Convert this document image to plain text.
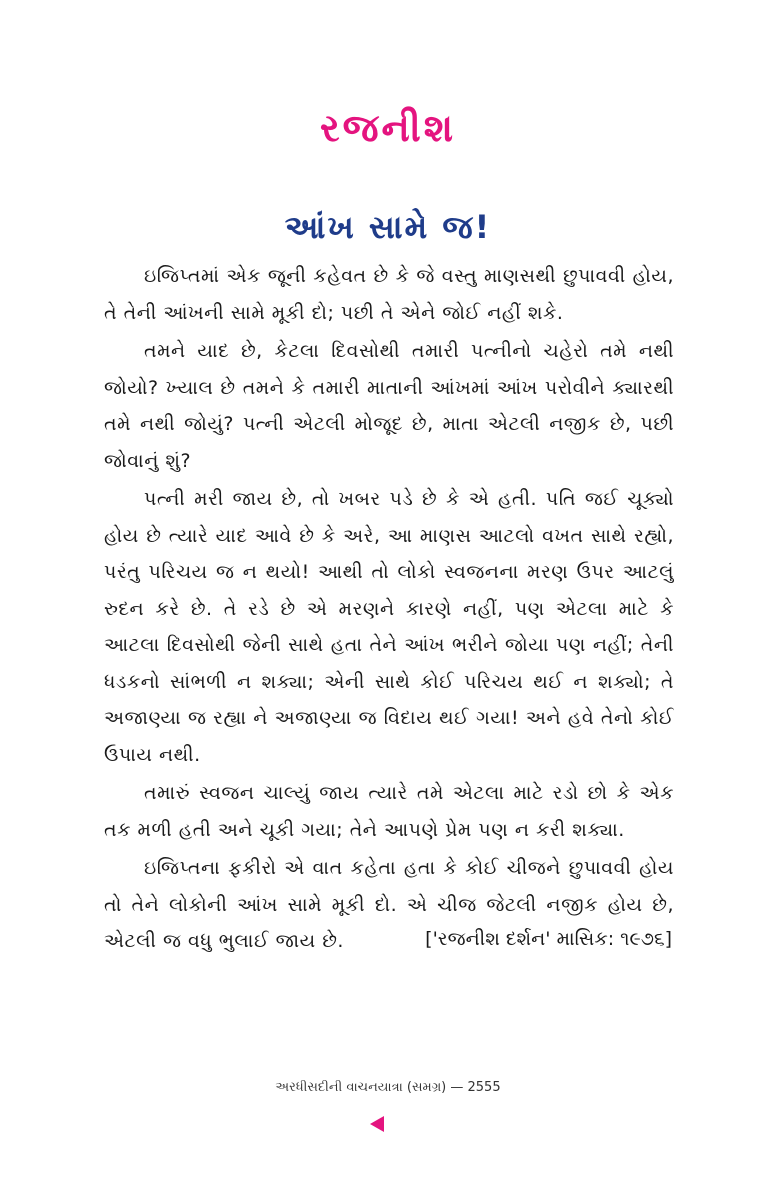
રજનીશ
આંખ સામે જ!

ઇજિપ્તમાં એક જૂની કહેવત છે કે જે વસ્તુ માણસથી છુપાવવી હોય, તે તેની આંખની સામે મૂકી દો; પછી તે એને જોઈ નહીં શકે.

તમને યાદ છે, કેટલા દિવસોથી તમારી પત્નીનો ચહેરો તમે નથી જોયો? ખ્યાલ છે તમને કે તમારી માતાની આંખમાં આંખ પરોવીને ક્યારથી તમે નથી જોયું? પત્ની એટલી મોજૂદ છે, માતા એટલી નજીક છે, પછી જોવાનું શું?

પત્ની મરી જાય છે, તો ખબર પડે છે કે એ હતી. પતિ જઈ ચૂક્યો હોય છે ત્યારે યાદ આવે છે કે અરે, આ માણસ આટલો વખત સાથે રહ્યો, પરંતુ પરિચય જ ન થયો! આથી તો લોકો સ્વજનના મરણ ઉપર આટલું રુદન કરે છે. તે રડે છે એ મરણને કારણે નહીં, પણ એટલા માટે કે આટલા દિવસોથી જેની સાથે હતા તેને આંખ ભરીને જોયા પણ નહીં; તેની ધડકનો સાંભળી ન શક્યા; એની સાથે કોઈ પરિચય થઈ ન શક્યો; તે અજાણ્યા જ રહ્યા ને અજાણ્યા જ વિદાય થઈ ગયા! અને હવે તેનો કોઈ ઉપાય નથી.

તમારું સ્વજન ચાલ્યું જાય ત્યારે તમે એટલા માટે રડો છો કે એક તક મળી હતી અને ચૂકી ગયા; તેને આપણે પ્રેમ પણ ન કરી શક્યા.

ઇજિપ્તના ફકીરો એ વાત કહેતા હતા કે કોઈ ચીજને છુપાવવી હોય તો તેને લોકોની આંખ સામે મૂકી દો. એ ચીજ જેટલી નજીક હોય છે, એટલી જ વધુ ભુલાઈ જાય છે.	['રજનીશ દર્શન' માસિક: ૧૯૭૬]

અરધીસદીની વાચનયાત્રા (સમગ્ર) — 2555
